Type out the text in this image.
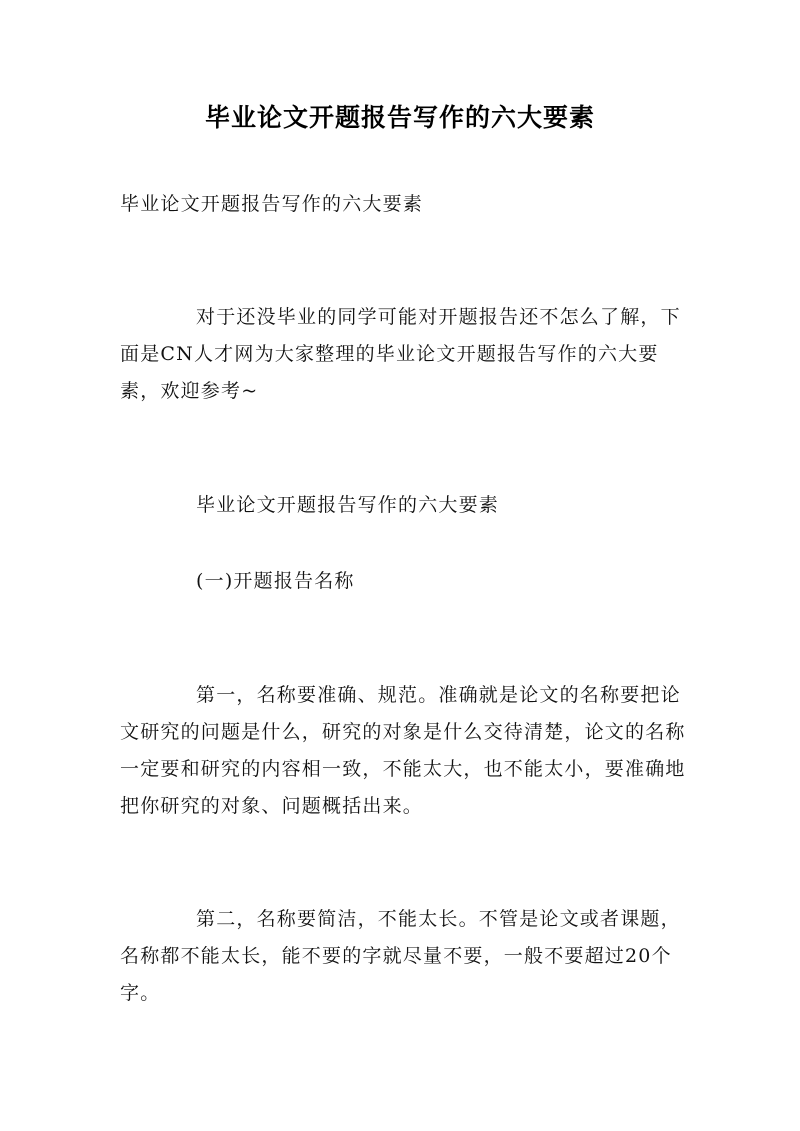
毕业论文开题报告写作的六大要素
毕业论文开题报告写作的六大要素
对于还没毕业的同学可能对开题报告还不怎么了解，下面是CN人才网为大家整理的毕业论文开题报告写作的六大要素，欢迎参考~
毕业论文开题报告写作的六大要素
(一)开题报告名称
第一，名称要准确、规范。准确就是论文的名称要把论文研究的问题是什么，研究的对象是什么交待清楚，论文的名称一定要和研究的内容相一致，不能太大，也不能太小，要准确地把你研究的对象、问题概括出来。
第二，名称要简洁，不能太长。不管是论文或者课题，名称都不能太长，能不要的字就尽量不要，一般不要超过20个字。
